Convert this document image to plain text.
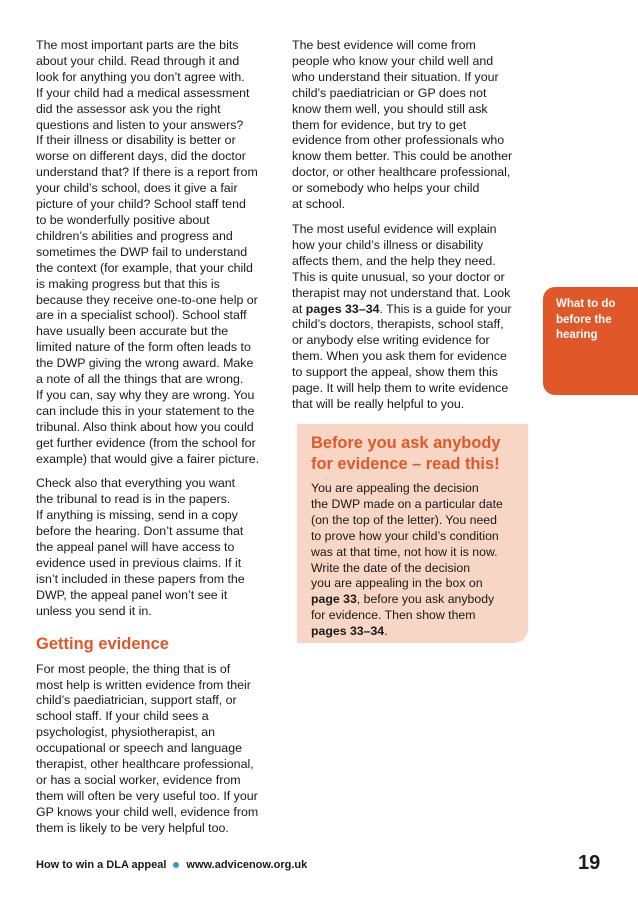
The most important parts are the bits
about your child. Read through it and
look for anything you don’t agree with.
If your child had a medical assessment
did the assessor ask you the right
questions and listen to your answers?
If their illness or disability is better or
worse on different days, did the doctor
understand that? If there is a report from
your child’s school, does it give a fair
picture of your child? School staff tend
to be wonderfully positive about
children’s abilities and progress and
sometimes the DWP fail to understand
the context (for example, that your child
is making progress but that this is
because they receive one-to-one help or
are in a specialist school). School staff
have usually been accurate but the
limited nature of the form often leads to
the DWP giving the wrong award. Make
a note of all the things that are wrong.
If you can, say why they are wrong. You
can include this in your statement to the
tribunal. Also think about how you could
get further evidence (from the school for
example) that would give a fairer picture.

Check also that everything you want
the tribunal to read is in the papers.
If anything is missing, send in a copy
before the hearing. Don’t assume that
the appeal panel will have access to
evidence used in previous claims. If it
isn’t included in these papers from the
DWP, the appeal panel won’t see it
unless you send it in.

Getting evidence

For most people, the thing that is of
most help is written evidence from their
child’s paediatrician, support staff, or
school staff. If your child sees a
psychologist, physiotherapist, an
occupational or speech and language
therapist, other healthcare professional,
or has a social worker, evidence from
them will often be very useful too. If your
GP knows your child well, evidence from
them is likely to be very helpful too.

The best evidence will come from
people who know your child well and
who understand their situation. If your
child’s paediatrician or GP does not
know them well, you should still ask
them for evidence, but try to get
evidence from other professionals who
know them better. This could be another
doctor, or other healthcare professional,
or somebody who helps your child
at school.

The most useful evidence will explain
how your child’s illness or disability
affects them, and the help they need.
This is quite unusual, so your doctor or
therapist may not understand that. Look
at pages 33–34. This is a guide for your
child’s doctors, therapists, school staff,
or anybody else writing evidence for
them. When you ask them for evidence
to support the appeal, show them this
page. It will help them to write evidence
that will be really helpful to you.

Before you ask anybody
for evidence – read this!

You are appealing the decision
the DWP made on a particular date
(on the top of the letter). You need
to prove how your child’s condition
was at that time, not how it is now.
Write the date of the decision
you are appealing in the box on
page 33, before you ask anybody
for evidence. Then show them
pages 33–34.

What to do
before the
hearing
How to win a DLA appeal www.advicenow.org.uk	19
